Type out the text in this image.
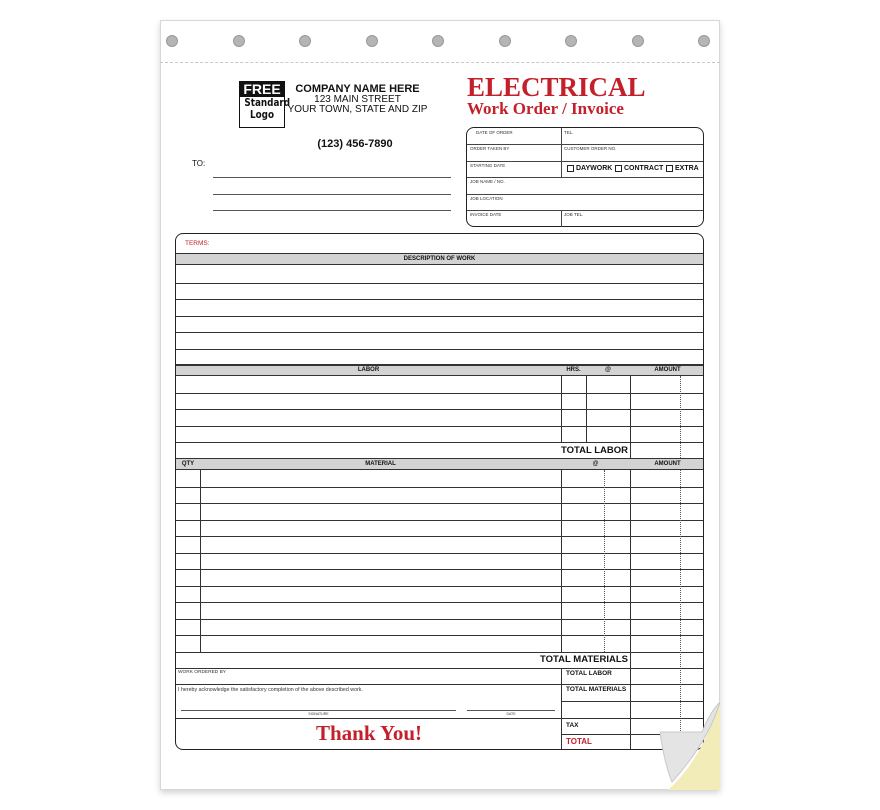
FREE
Standard
Logo
COMPANY NAME HERE
123 MAIN STREET
YOUR TOWN, STATE AND ZIP
(123) 456-7890
TO:
ELECTRICAL
Work Order / Invoice
DATE OF ORDER	TEL.
ORDER TAKEN BY	CUSTOMER ORDER NO.
STARTING DATE	DAYWORK CONTRACT EXTRA
JOB NAME / NO.
JOB LOCATION
INVOICE DATE	JOB TEL.
TERMS:
DESCRIPTION OF WORK
LABOR	HRS.	@	AMOUNT
TOTAL LABOR
QTY	MATERIAL	@	AMOUNT
TOTAL MATERIALS
WORK ORDERED BY
I hereby acknowledge the satisfactory completion of the above described work.
SIGNATURE	DATE
Thank You!
TOTAL LABOR
TOTAL MATERIALS
TAX
TOTAL
